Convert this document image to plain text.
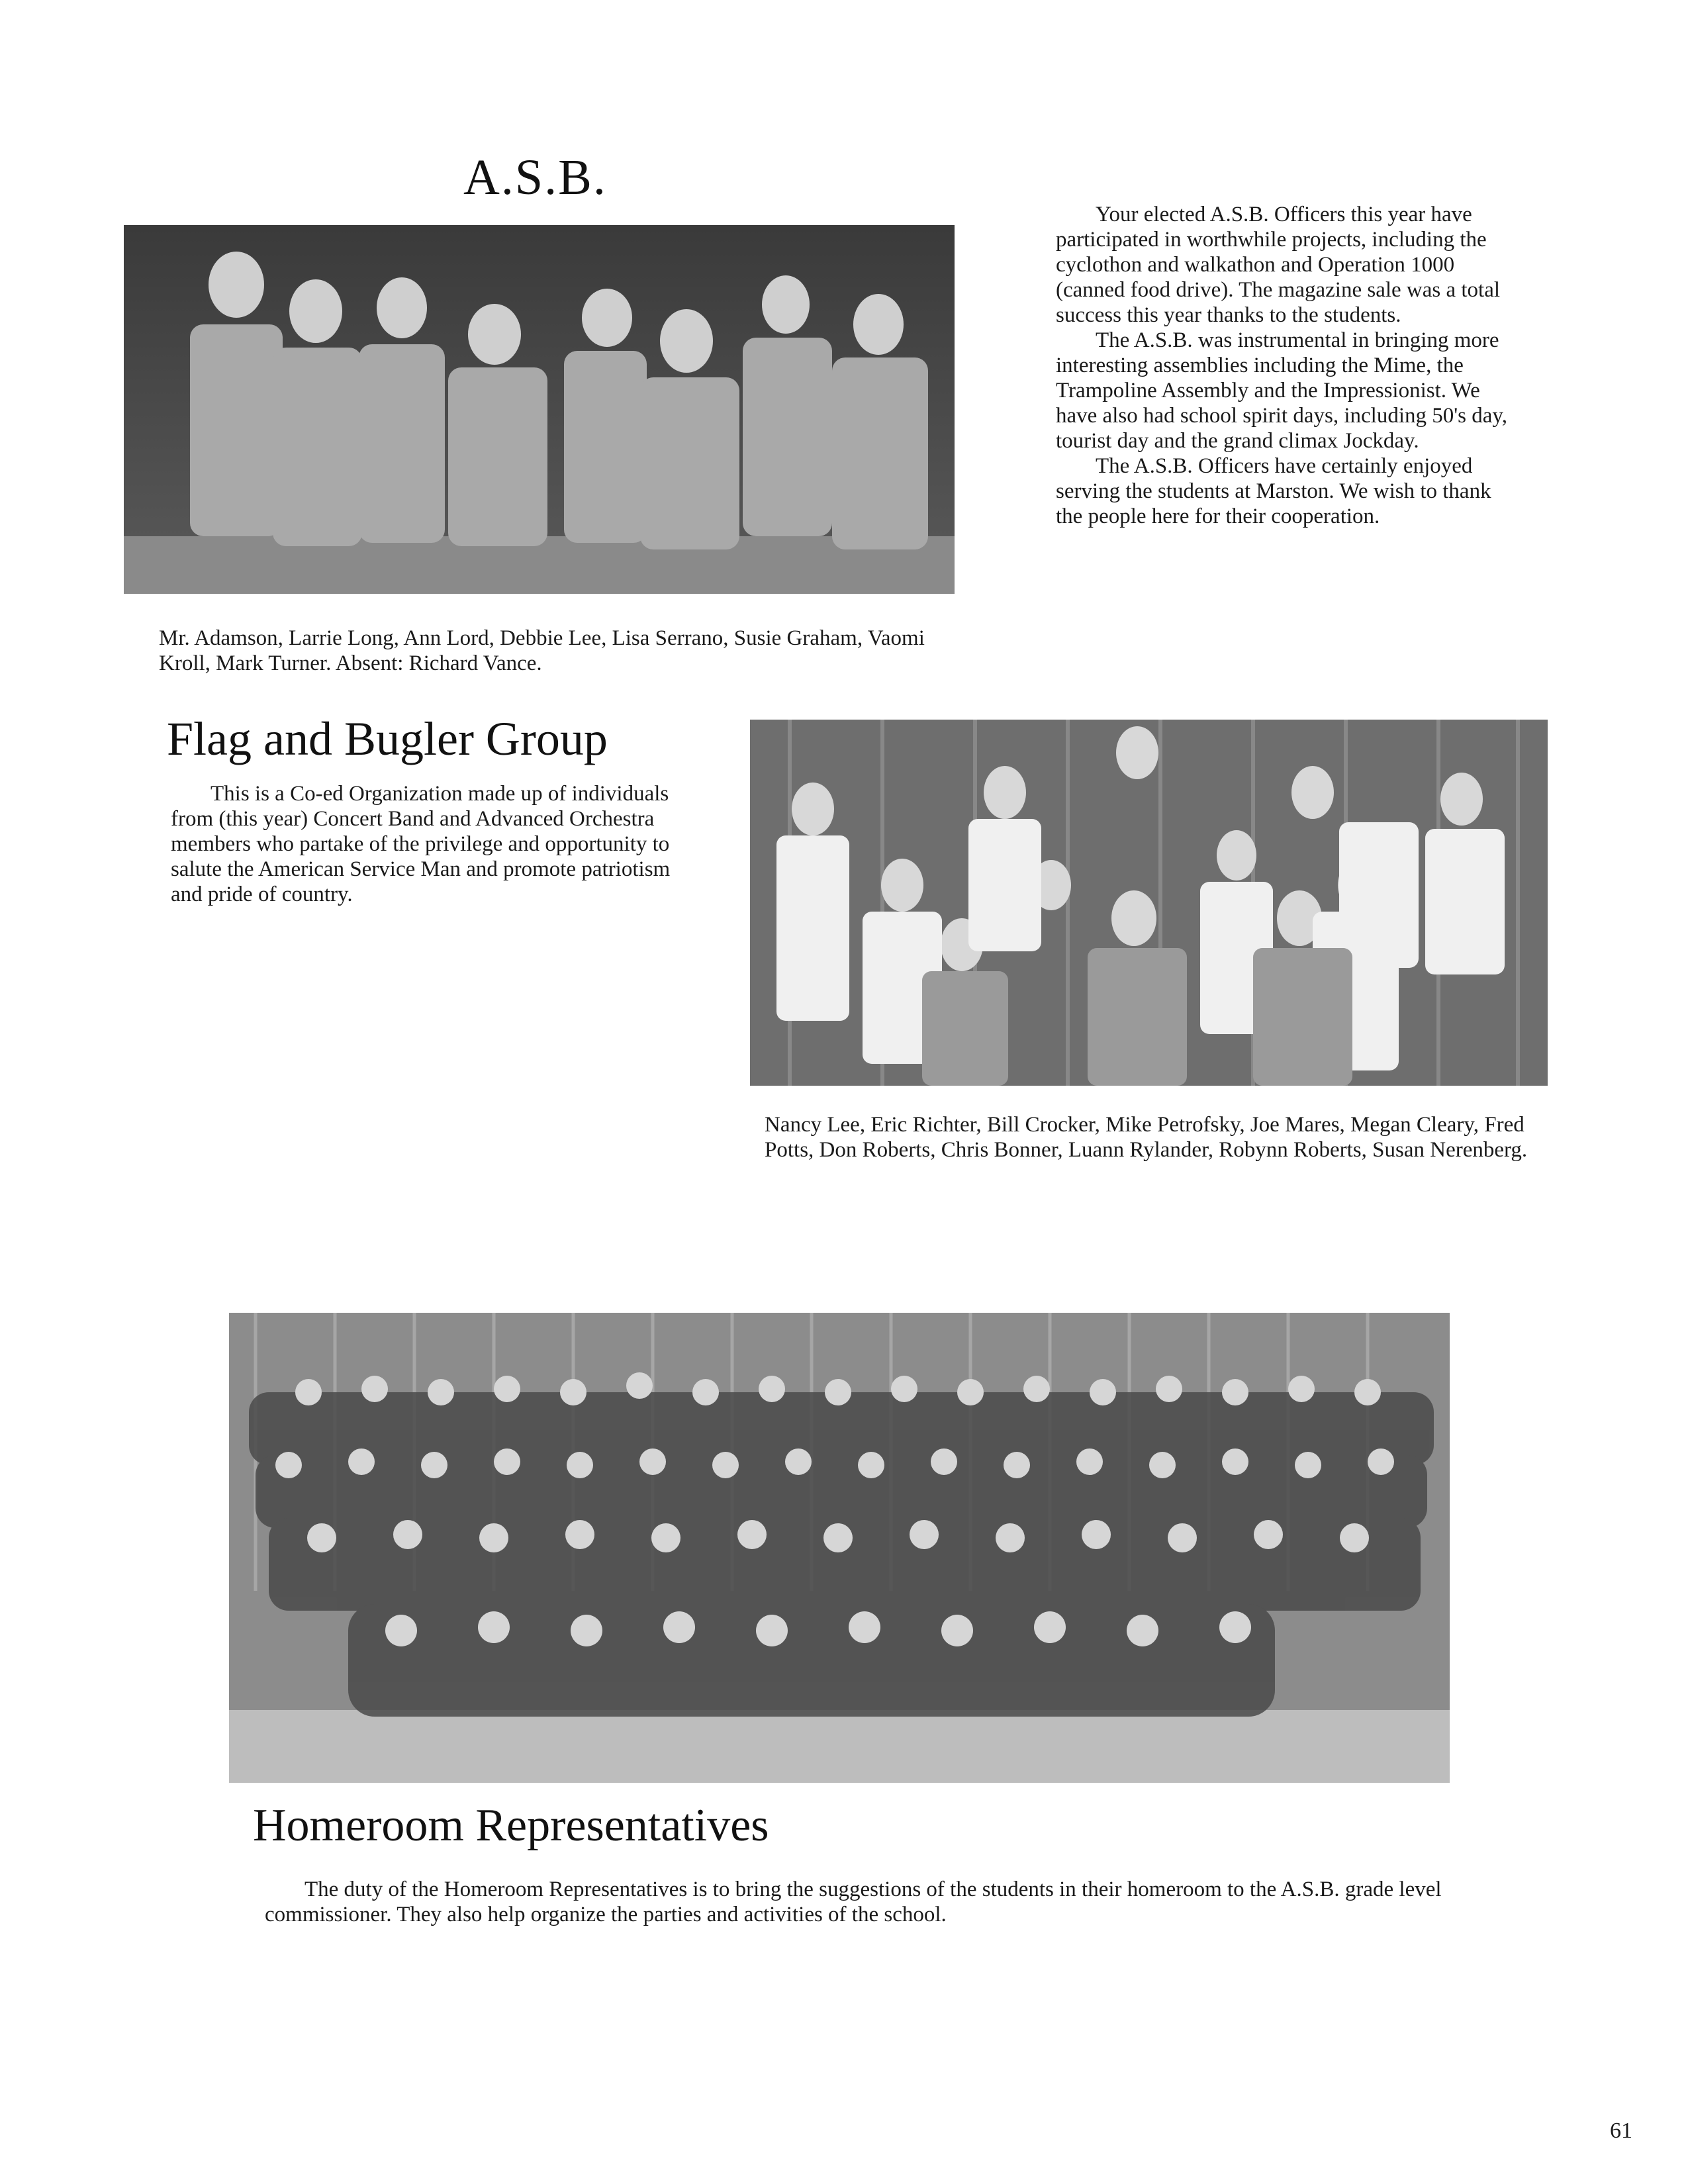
A.S.B.
Mr. Adamson, Larrie Long, Ann Lord, Debbie Lee, Lisa Serrano, Susie Graham, Vaomi Kroll, Mark Turner. Absent: Richard Vance.

Your elected A.S.B. Officers this year have participated in worthwhile projects, including the cyclothon and walkathon and Operation 1000 (canned food drive). The magazine sale was a total success this year thanks to the students.

The A.S.B. was instrumental in bringing more interesting assemblies including the Mime, the Trampoline Assembly and the Impressionist. We have also had school spirit days, including 50's day, tourist day and the grand climax Jockday.

The A.S.B. Officers have certainly enjoyed serving the students at Marston. We wish to thank the people here for their cooperation.

Flag and Bugler Group

This is a Co-ed Organization made up of individuals from (this year) Concert Band and Advanced Orchestra members who partake of the privilege and opportunity to salute the American Service Man and promote patriotism and pride of country.

Nancy Lee, Eric Richter, Bill Crocker, Mike Petrofsky, Joe Mares, Megan Cleary, Fred Potts, Don Roberts, Chris Bonner, Luann Rylander, Robynn Roberts, Susan Nerenberg.
Homeroom Representatives

The duty of the Homeroom Representatives is to bring the suggestions of the students in their homeroom to the A.S.B. grade level commissioner. They also help organize the parties and activities of the school.

61
